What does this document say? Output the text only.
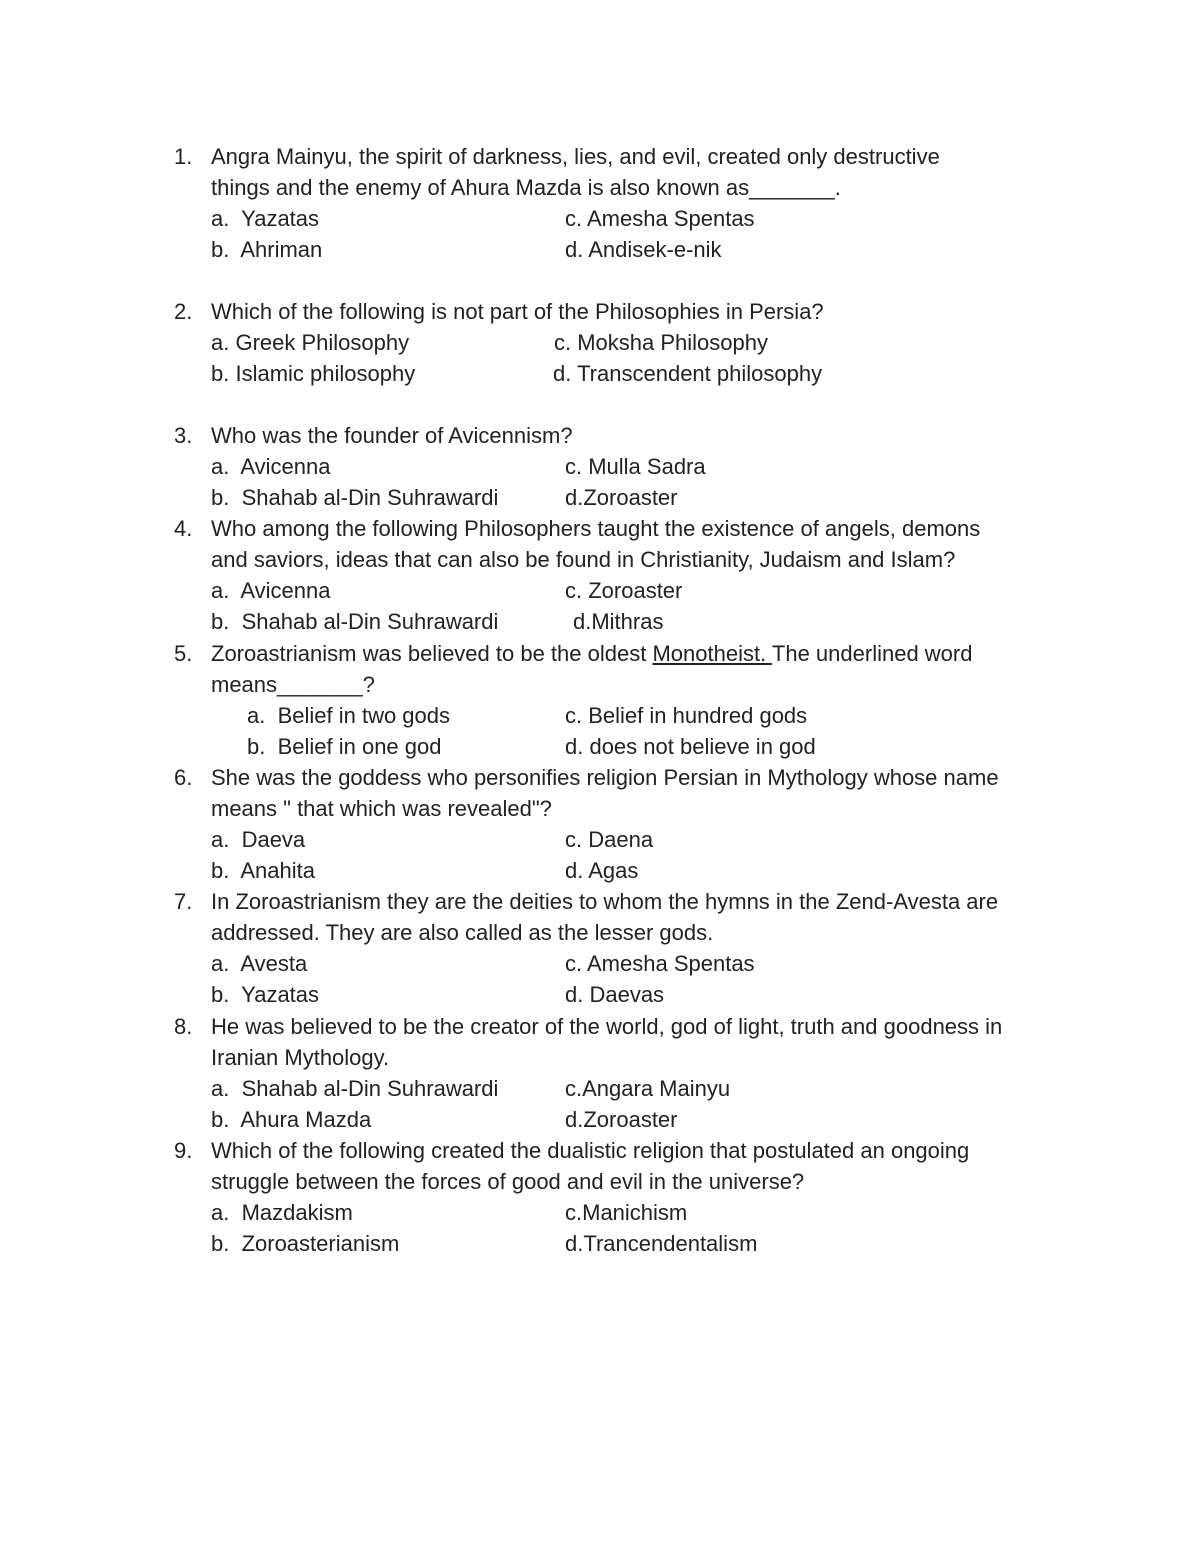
1. Angra Mainyu, the spirit of darkness, lies, and evil, created only destructive
things and the enemy of Ahura Mazda is also known as_______.
a.  Yazatas	c. Amesha Spentas
b.  Ahriman	d. Andisek-e-nik
2. Which of the following is not part of the Philosophies in Persia?
a. Greek Philosophy	c. Moksha Philosophy
b. Islamic philosophy	d. Transcendent philosophy
3. Who was the founder of Avicennism?
a.  Avicenna	c. Mulla Sadra
b.  Shahab al-Din Suhrawardi	d.Zoroaster
4. Who among the following Philosophers taught the existence of angels, demons
and saviors, ideas that can also be found in Christianity, Judaism and Islam?
a.  Avicenna	c. Zoroaster
b.  Shahab al-Din Suhrawardi	d.Mithras
5. Zoroastrianism was believed to be the oldest Monotheist. The underlined word
means_______?
a.  Belief in two gods	c. Belief in hundred gods
b.  Belief in one god	d. does not believe in god
6. She was the goddess who personifies religion Persian in Mythology whose name
means " that which was revealed"?
a.  Daeva	c. Daena
b.  Anahita	d. Agas
7. In Zoroastrianism they are the deities to whom the hymns in the Zend-Avesta are
addressed. They are also called as the lesser gods.
a.  Avesta	c. Amesha Spentas
b.  Yazatas	d. Daevas
8. He was believed to be the creator of the world, god of light, truth and goodness in
Iranian Mythology.
a.  Shahab al-Din Suhrawardi	c.Angara Mainyu
b.  Ahura Mazda	d.Zoroaster
9. Which of the following created the dualistic religion that postulated an ongoing
struggle between the forces of good and evil in the universe?
a.  Mazdakism	c.Manichism
b.  Zoroasterianism	d.Trancendentalism
